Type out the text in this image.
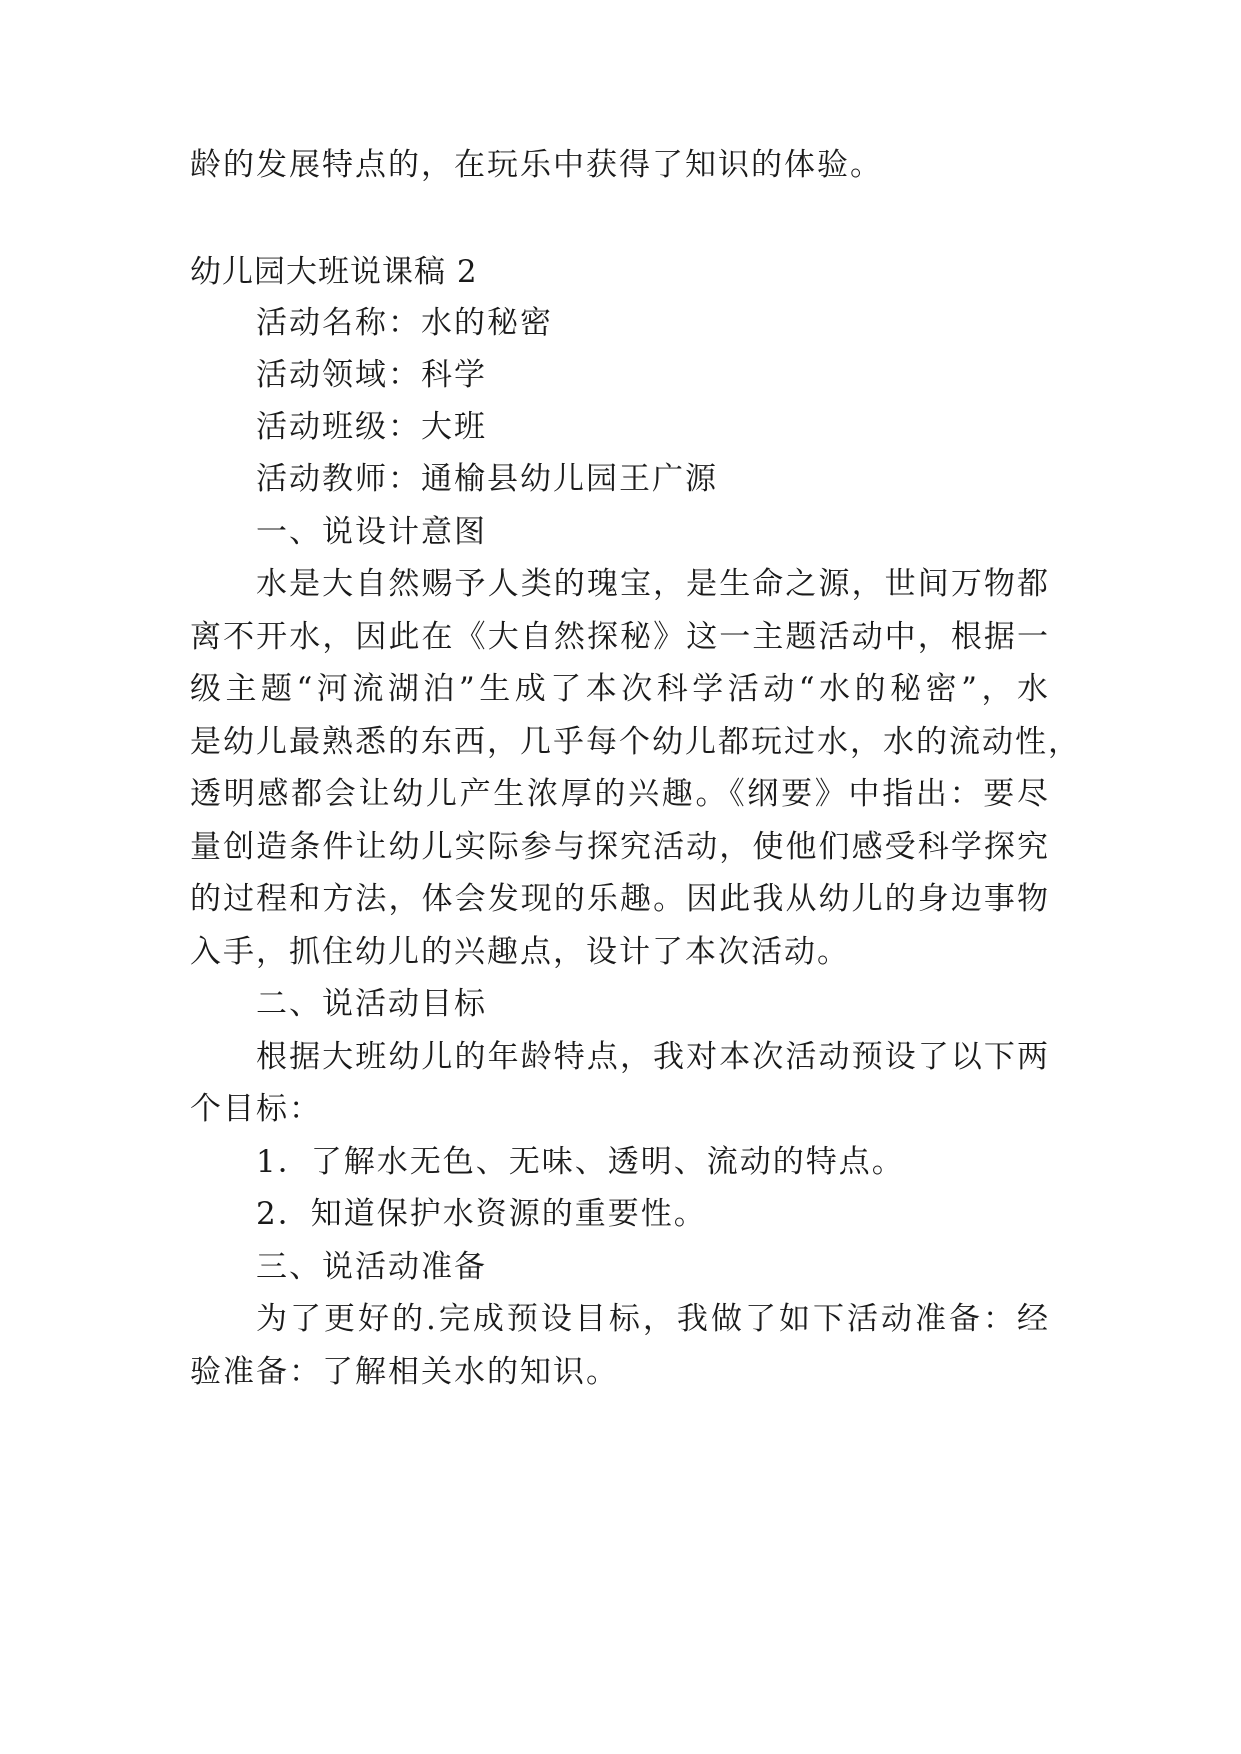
龄的发展特点的，在玩乐中获得了知识的体验。
幼儿园大班说课稿 2
活动名称：水的秘密
活动领域：科学
活动班级：大班
活动教师：通榆县幼儿园王广源
一、说设计意图
水是大自然赐予人类的瑰宝，是生命之源，世间万物都
离不开水，因此在《大自然探秘》这一主题活动中，根据一
级主题“河流湖泊”生成了本次科学活动“水的秘密”，水
是幼儿最熟悉的东西，几乎每个幼儿都玩过水，水的流动性，
透明感都会让幼儿产生浓厚的兴趣。《纲要》中指出：要尽
量创造条件让幼儿实际参与探究活动，使他们感受科学探究
的过程和方法，体会发现的乐趣。因此我从幼儿的身边事物
入手，抓住幼儿的兴趣点，设计了本次活动。
二、说活动目标
根据大班幼儿的年龄特点，我对本次活动预设了以下两
个目标：
1．了解水无色、无味、透明、流动的特点。
2．知道保护水资源的重要性。
三、说活动准备
为了更好的.完成预设目标，我做了如下活动准备：经
验准备：了解相关水的知识。
